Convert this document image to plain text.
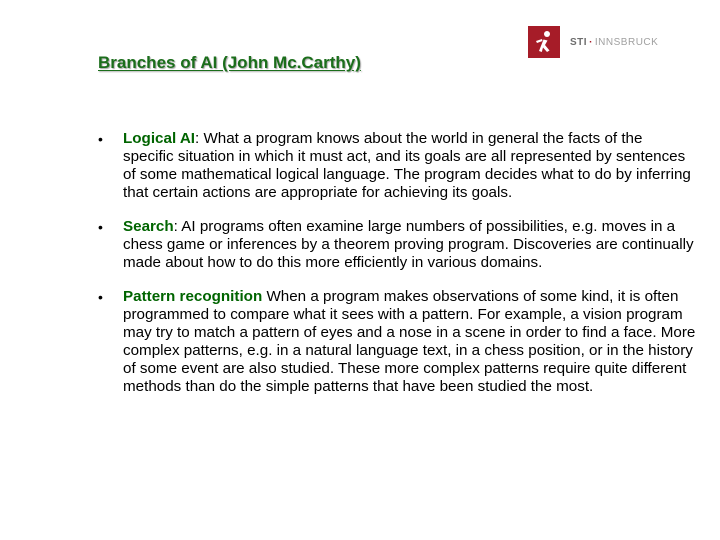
Branches of AI (John Mc.Carthy)
STI · INNSBRUCK
• Logical AI: What a program knows about the world in general the facts of the specific situation in which it must act, and its goals are all represented by sentences of some mathematical logical language. The program decides what to do by inferring that certain actions are appropriate for achieving its goals.
• Search: AI programs often examine large numbers of possibilities, e.g. moves in a chess game or inferences by a theorem proving program. Discoveries are continually made about how to do this more efficiently in various domains.
• Pattern recognition When a program makes observations of some kind, it is often programmed to compare what it sees with a pattern. For example, a vision program may try to match a pattern of eyes and a nose in a scene in order to find a face. More complex patterns, e.g. in a natural language text, in a chess position, or in the history of some event are also studied. These more complex patterns require quite different methods than do the simple patterns that have been studied the most.
